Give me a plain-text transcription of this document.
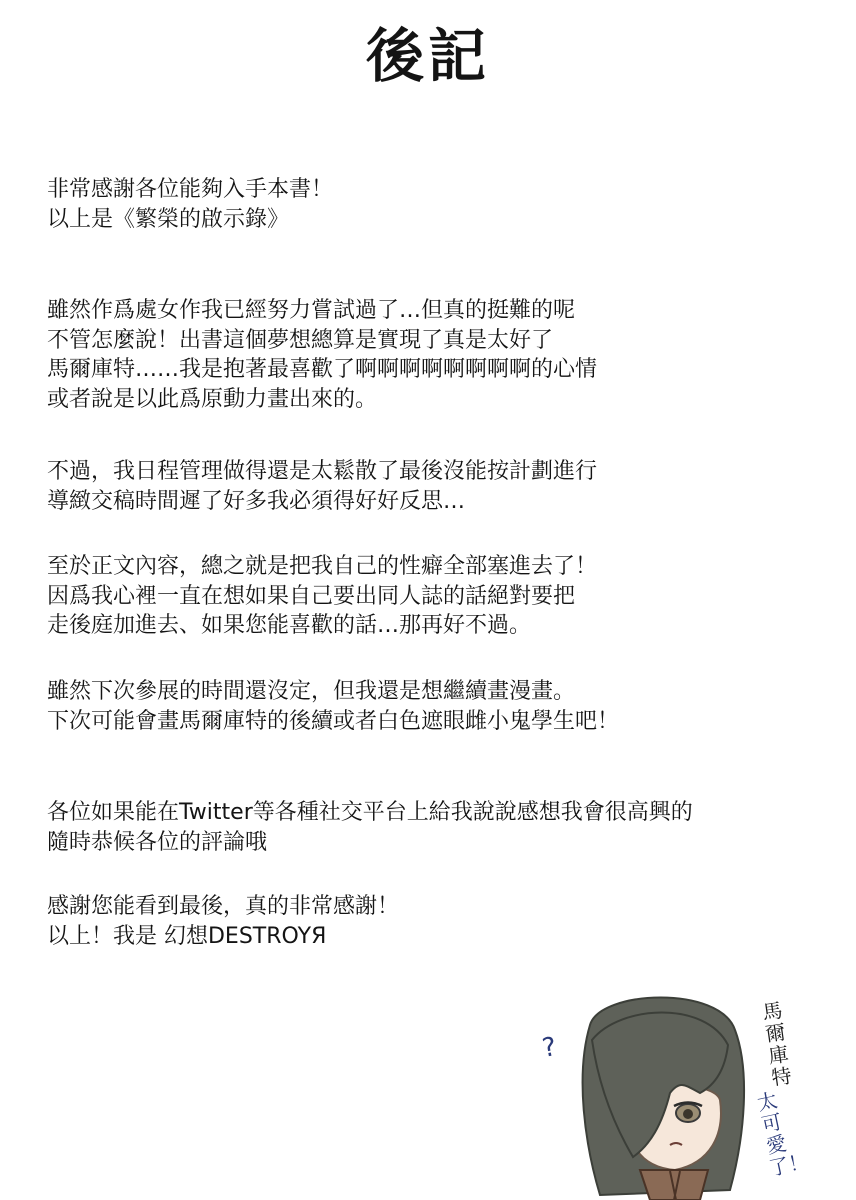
後記
非常感謝各位能夠入手本書！
以上是《繁榮的啟示錄》
雖然作爲處女作我已經努力嘗試過了…但真的挺難的呢
不管怎麼說！出書這個夢想總算是實現了真是太好了
馬爾庫特……我是抱著最喜歡了啊啊啊啊啊啊啊啊的心情
或者說是以此爲原動力畫出來的。
不過，我日程管理做得還是太鬆散了最後沒能按計劃進行
導緻交稿時間遲了好多我必須得好好反思…
至於正文內容，總之就是把我自己的性癖全部塞進去了！
因爲我心裡一直在想如果自己要出同人誌的話絕對要把
走後庭加進去、如果您能喜歡的話…那再好不過。
雖然下次參展的時間還沒定，但我還是想繼續畫漫畫。
下次可能會畫馬爾庫特的後續或者白色遮眼雌小鬼學生吧！
各位如果能在Twitter等各種社交平台上給我說說感想我會很高興的
隨時恭候各位的評論哦
感謝您能看到最後，真的非常感謝！
以上！我是 幻想DESTROYЯ
?
馬爾庫特
太可愛了！
